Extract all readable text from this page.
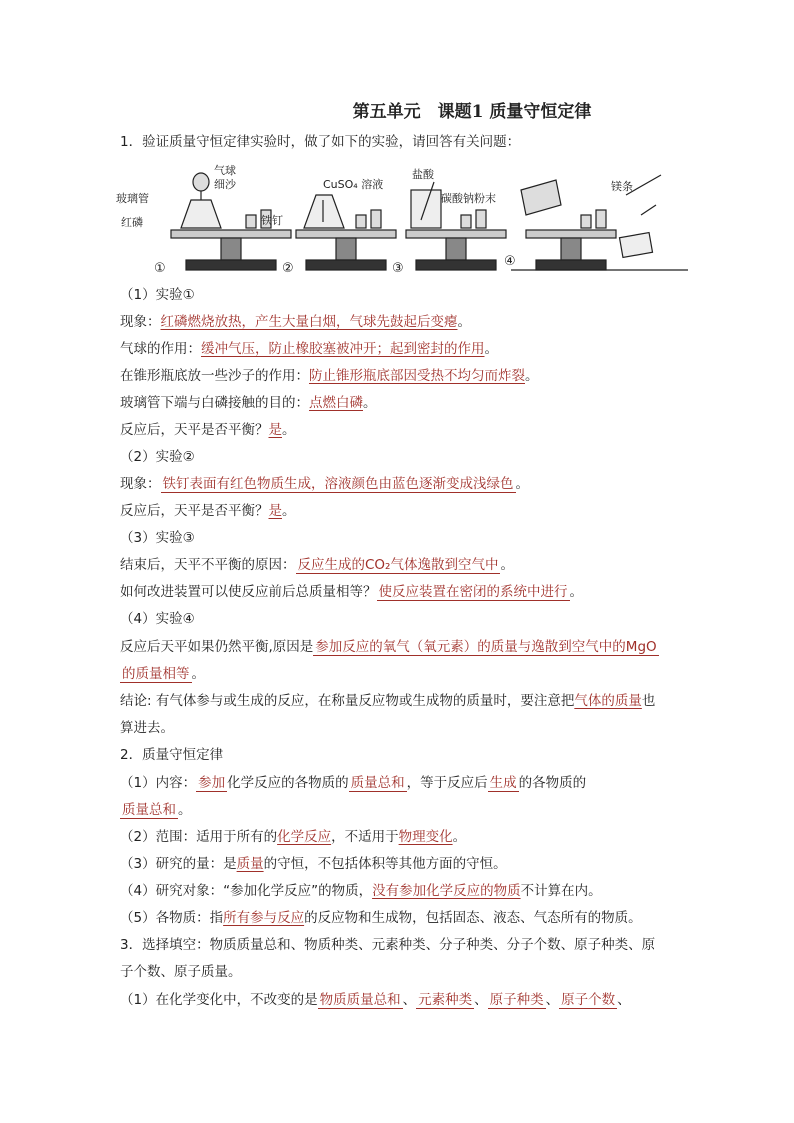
第五单元　课题1 质量守恒定律
1．验证质量守恒定律实验时，做了如下的实验，请回答有关问题：
气球
细沙
玻璃管
红磷
CuSO₄ 溶液
铁钉
盐酸
碳酸钠粉末
镁条
①	②	③	④
（1）实验①
现象：红磷燃烧放热，产生大量白烟，气球先鼓起后变瘪。
气球的作用：缓冲气压，防止橡胶塞被冲开；起到密封的作用。
在锥形瓶底放一些沙子的作用：防止锥形瓶底部因受热不均匀而炸裂。
玻璃管下端与白磷接触的目的：点燃白磷。
反应后，天平是否平衡？是。
（2）实验②
现象： 铁钉表面有红色物质生成，溶液颜色由蓝色逐渐变成浅绿色 。
反应后，天平是否平衡？是。
（3）实验③
结束后，天平不平衡的原因： 反应生成的CO₂气体逸散到空气中 。
如何改进装置可以使反应前后总质量相等？ 使反应装置在密闭的系统中进行 。
（4）实验④
反应后天平如果仍然平衡,原因是 参加反应的氧气（氧元素）的质量与逸散到空气中的MgO
的质量相等 。
结论: 有气体参与或生成的反应，在称量反应物或生成物的质量时，要注意把气体的质量也
算进去。
2．质量守恒定律
（1）内容： 参加 化学反应的各物质的 质量总和 ，等于反应后 生成 的各物质的
质量总和 。
（2）范围：适用于所有的化学反应，不适用于物理变化。
（3）研究的量：是质量的守恒，不包括体积等其他方面的守恒。
（4）研究对象：“参加化学反应”的物质，没有参加化学反应的物质不计算在内。
（5）各物质：指所有参与反应的反应物和生成物，包括固态、液态、气态所有的物质。
3．选择填空：物质质量总和、物质种类、元素种类、分子种类、分子个数、原子种类、原
子个数、原子质量。
（1）在化学变化中，不改变的是 物质质量总和 、 元素种类 、 原子种类 、 原子个数 、
